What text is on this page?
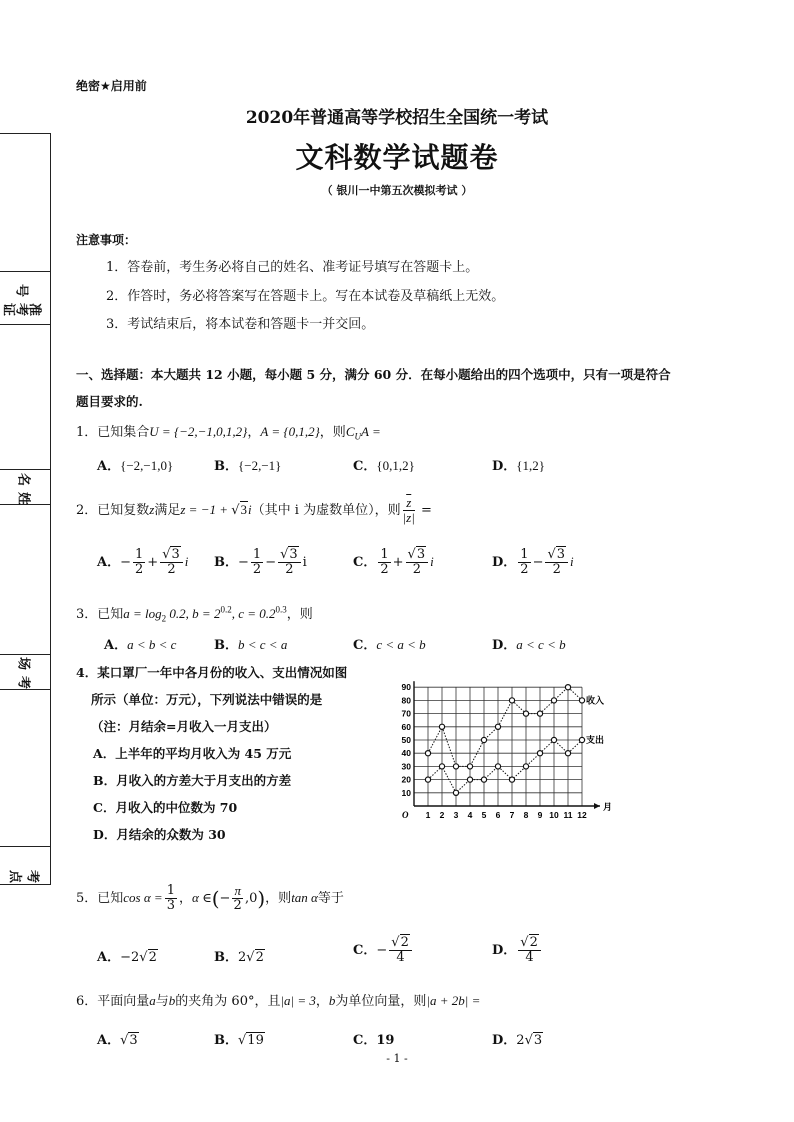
准考证号
姓 名
考 场
考 点
绝密★启用前
2020年普通高等学校招生全国统一考试
文科数学试题卷
（ 银川一中第五次模拟考试 ）
注意事项：
1．答卷前，考生务必将自己的姓名、准考证号填写在答题卡上。
2．作答时，务必将答案写在答题卡上。写在本试卷及草稿纸上无效。
3．考试结束后，将本试卷和答题卡一并交回。
一、选择题：本大题共 12 小题，每小题 5 分，满分 60 分．在每小题给出的四个选项中，只有一项是符合
题目要求的.
1．已知集合U = {−2,−1,0,1,2}，A = {0,1,2}，则$C_UA$ =
A．{−2,−1,0}	B．{−2,−1}	C．{0,1,2}	D．{1,2}
2．已知复数z满足z = −1 + √3i（其中 i 为虚数单位），则 $\frac{\overline{z}}{|z|}$ =
A．− $\frac{1}{2} + \frac{√3}{2}$ i B．− $\frac{1}{2} - \frac{√3}{2}$ i	C． $\frac{1}{2} + \frac{√3}{2}$ i	D． $\frac{1}{2} - \frac{√3}{2}$ i
3．已知$a = \log_2 0.2$, $b = 2^{0.2}$, $c = 0.2^{0.3}$，则
A．a < b < c	B．b < c < a	C．c < a < b	D．a < c < b
4．某口罩厂一年中各月份的收入、支出情况如图
所示（单位：万元），下列说法中错误的是
（注：月结余=月收入一月支出）
A．上半年的平均月收入为 45 万元
B．月收入的方差大于月支出的方差
C．月收入的中位数为 70
D．月结余的众数为 30
1 2 3 4 5 6 7 8 9 10 11 12
10
20
30
40
50
60
70
80
90
O
月
收入
支出
5．已知$\cos \alpha = \frac{1}{3}$ ，α ∈(− $\frac{\pi}{2} ,0$)，则tan α等于
A．−2√2	B．2√2	C．− $\frac{√2}{4}$	D． $\frac{√2}{4}$
6．平面向量a与b的夹角为 60°，且|a| = 3，b为单位向量，则|a + 2b| =
A．√3	B．√19	C．19	D．2√3
- 1 -
